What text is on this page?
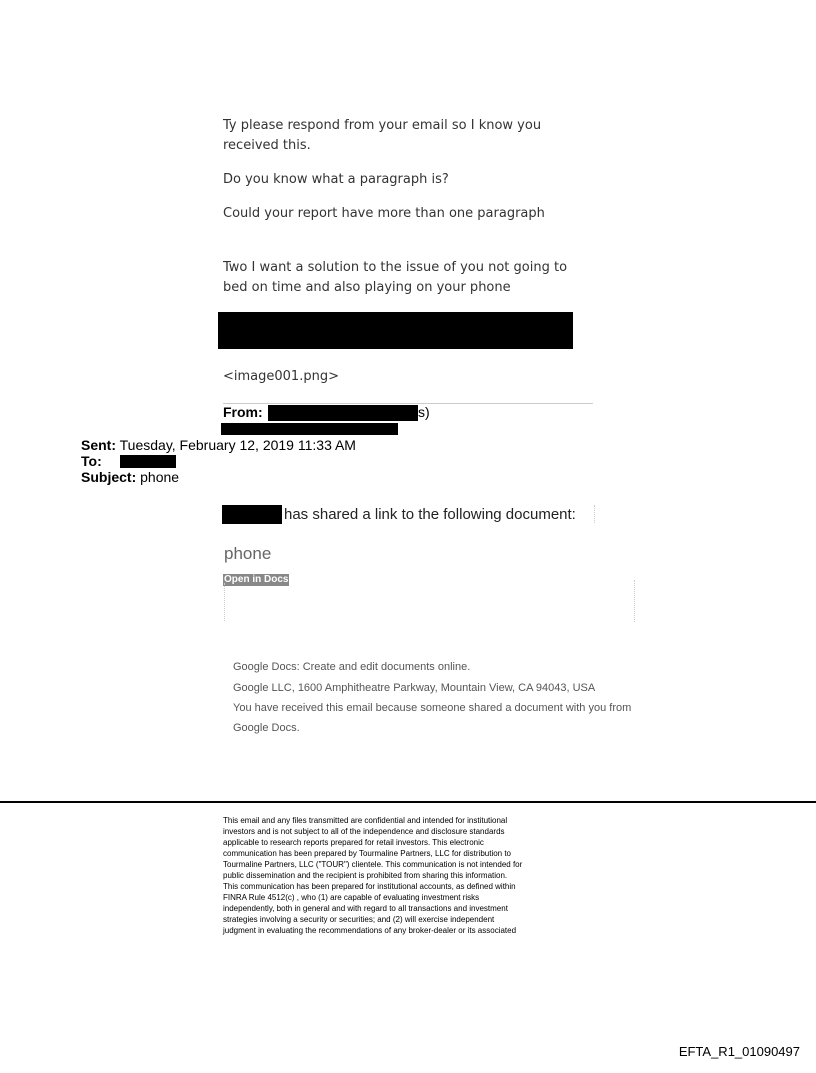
Ty please respond from your email so I know you received this.
Do you know what a paragraph is?
Could your report have more than one paragraph
Two I want a solution to the issue of you not going to bed on time and also playing on your phone
<image001.png>
From:	s)
Sent: Tuesday, February 12, 2019 11:33 AM
To:
Subject: phone
has shared a link to the following document:
phone
Open in Docs
Google Docs: Create and edit documents online.
Google LLC, 1600 Amphitheatre Parkway, Mountain View, CA 94043, USA
You have received this email because someone shared a document with you from
Google Docs.
This email and any files transmitted are confidential and intended for institutional
investors and is not subject to all of the independence and disclosure standards
applicable to research reports prepared for retail investors. This electronic
communication has been prepared by Tourmaline Partners, LLC for distribution to
Tourmaline Partners, LLC ("TOUR") clientele. This communication is not intended for
public dissemination and the recipient is prohibited from sharing this information.
This communication has been prepared for institutional accounts, as defined within
FINRA Rule 4512(c) , who (1) are capable of evaluating investment risks
independently, both in general and with regard to all transactions and investment
strategies involving a security or securities; and (2) will exercise independent
judgment in evaluating the recommendations of any broker-dealer or its associated
EFTA_R1_01090497
